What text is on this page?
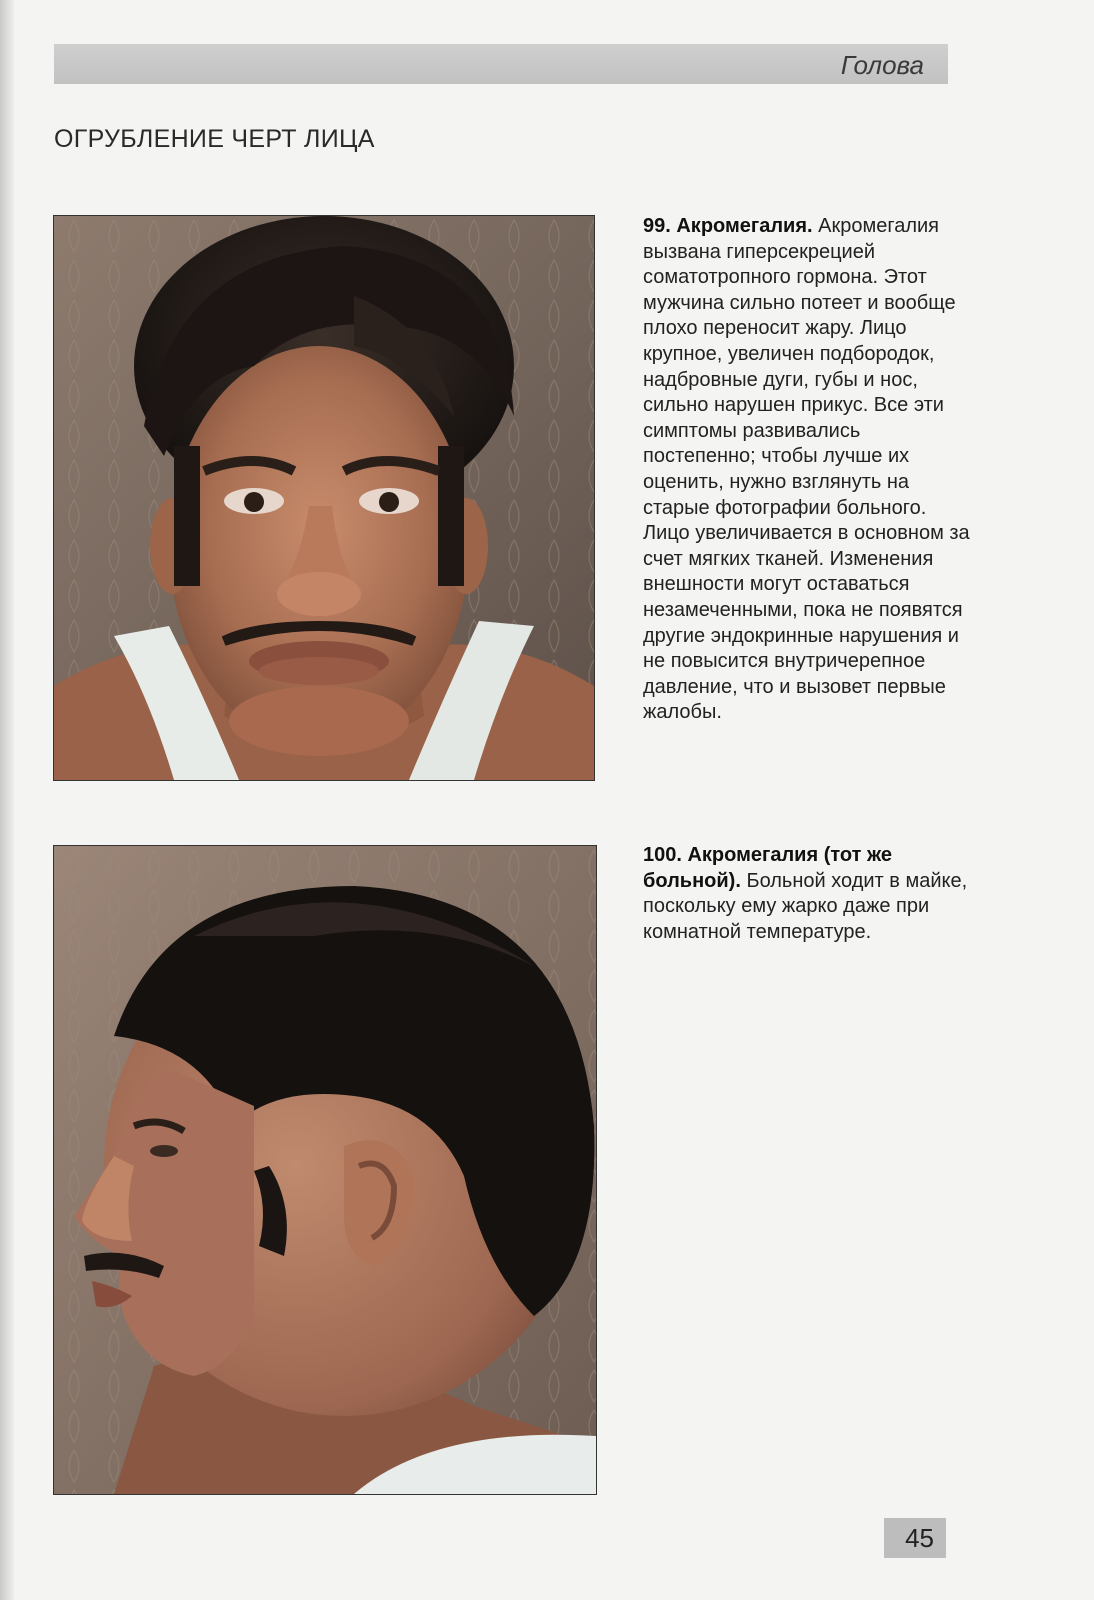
Голова
ОГРУБЛЕНИЕ ЧЕРТ ЛИЦА
99. Акромегалия. Акромегалия вызвана гиперсекрецией соматотропного гормона. Этот мужчина сильно потеет и вообще плохо переносит жару. Лицо крупное, увеличен подбородок, надбровные дуги, губы и нос, сильно нарушен прикус. Все эти симптомы развивались постепенно; чтобы лучше их оценить, нужно взглянуть на старые фотографии больного. Лицо увеличивается в основном за счет мягких тканей. Изменения внешности могут оставаться незамеченными, пока не появятся другие эндокринные нарушения и не повысится внутричерепное давление, что и вызовет первые жалобы.
100. Акромегалия (тот же больной). Больной ходит в майке, поскольку ему жарко даже при комнатной температуре.
45
